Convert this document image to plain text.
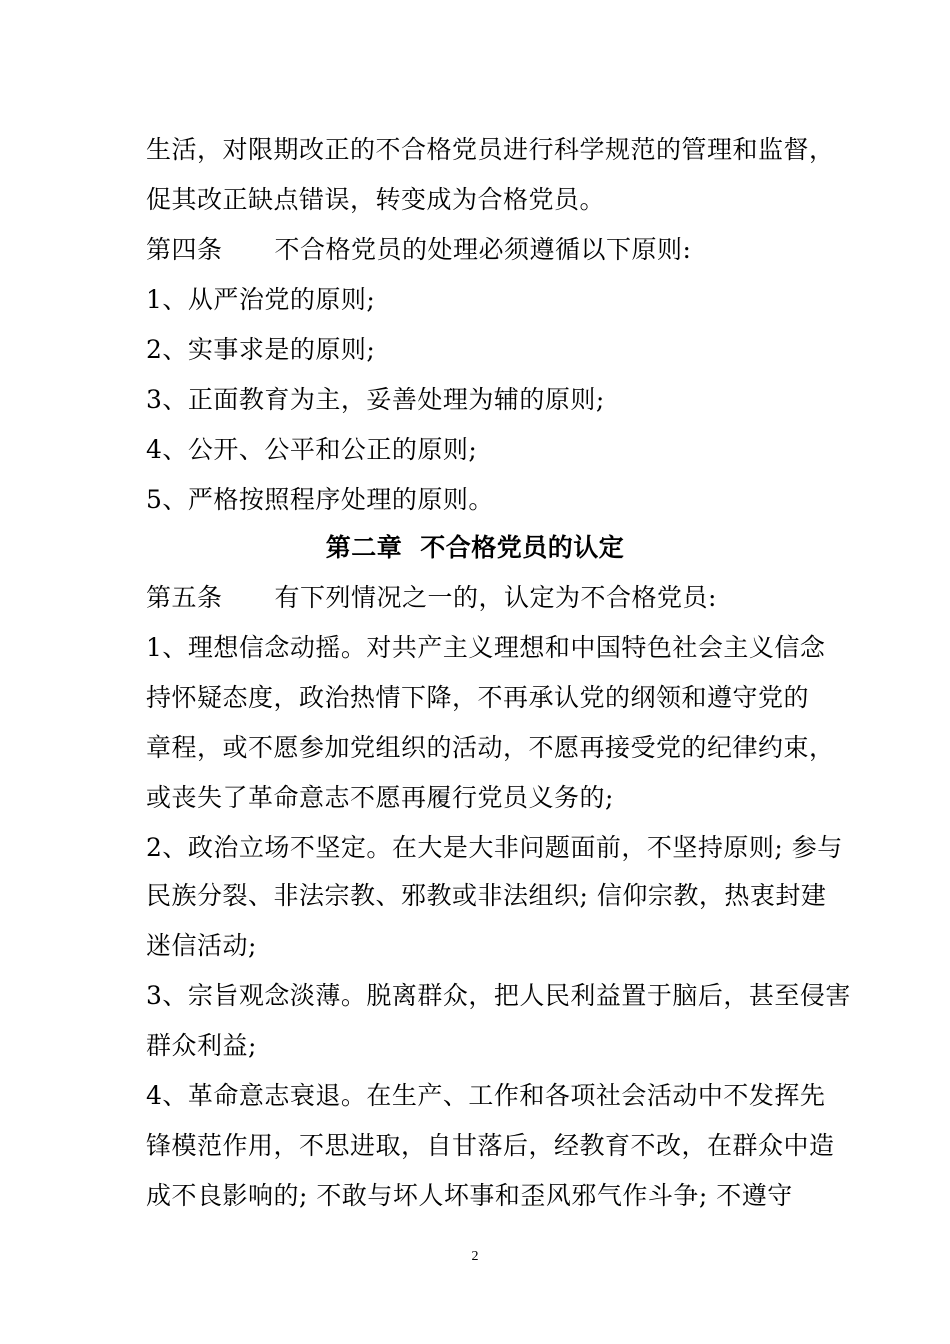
生活，对限期改正的不合格党员进行科学规范的管理和监督，
促其改正缺点错误，转变成为合格党员。
第四条 不合格党员的处理必须遵循以下原则:
1、从严治党的原则;
2、实事求是的原则;
3、正面教育为主，妥善处理为辅的原则;
4、公开、公平和公正的原则;
5、严格按照程序处理的原则。
第二章 不合格党员的认定
第五条 有下列情况之一的，认定为不合格党员:
1、理想信念动摇。对共产主义理想和中国特色社会主义信念
持怀疑态度，政治热情下降，不再承认党的纲领和遵守党的
章程，或不愿参加党组织的活动，不愿再接受党的纪律约束，
或丧失了革命意志不愿再履行党员义务的;
2、政治立场不坚定。在大是大非问题面前，不坚持原则; 参与
民族分裂、非法宗教、邪教或非法组织; 信仰宗教，热衷封建
迷信活动;
3、宗旨观念淡薄。脱离群众，把人民利益置于脑后，甚至侵害
群众利益;
4、革命意志衰退。在生产、工作和各项社会活动中不发挥先
锋模范作用，不思进取，自甘落后，经教育不改，在群众中造
成不良影响的; 不敢与坏人坏事和歪风邪气作斗争; 不遵守
2
